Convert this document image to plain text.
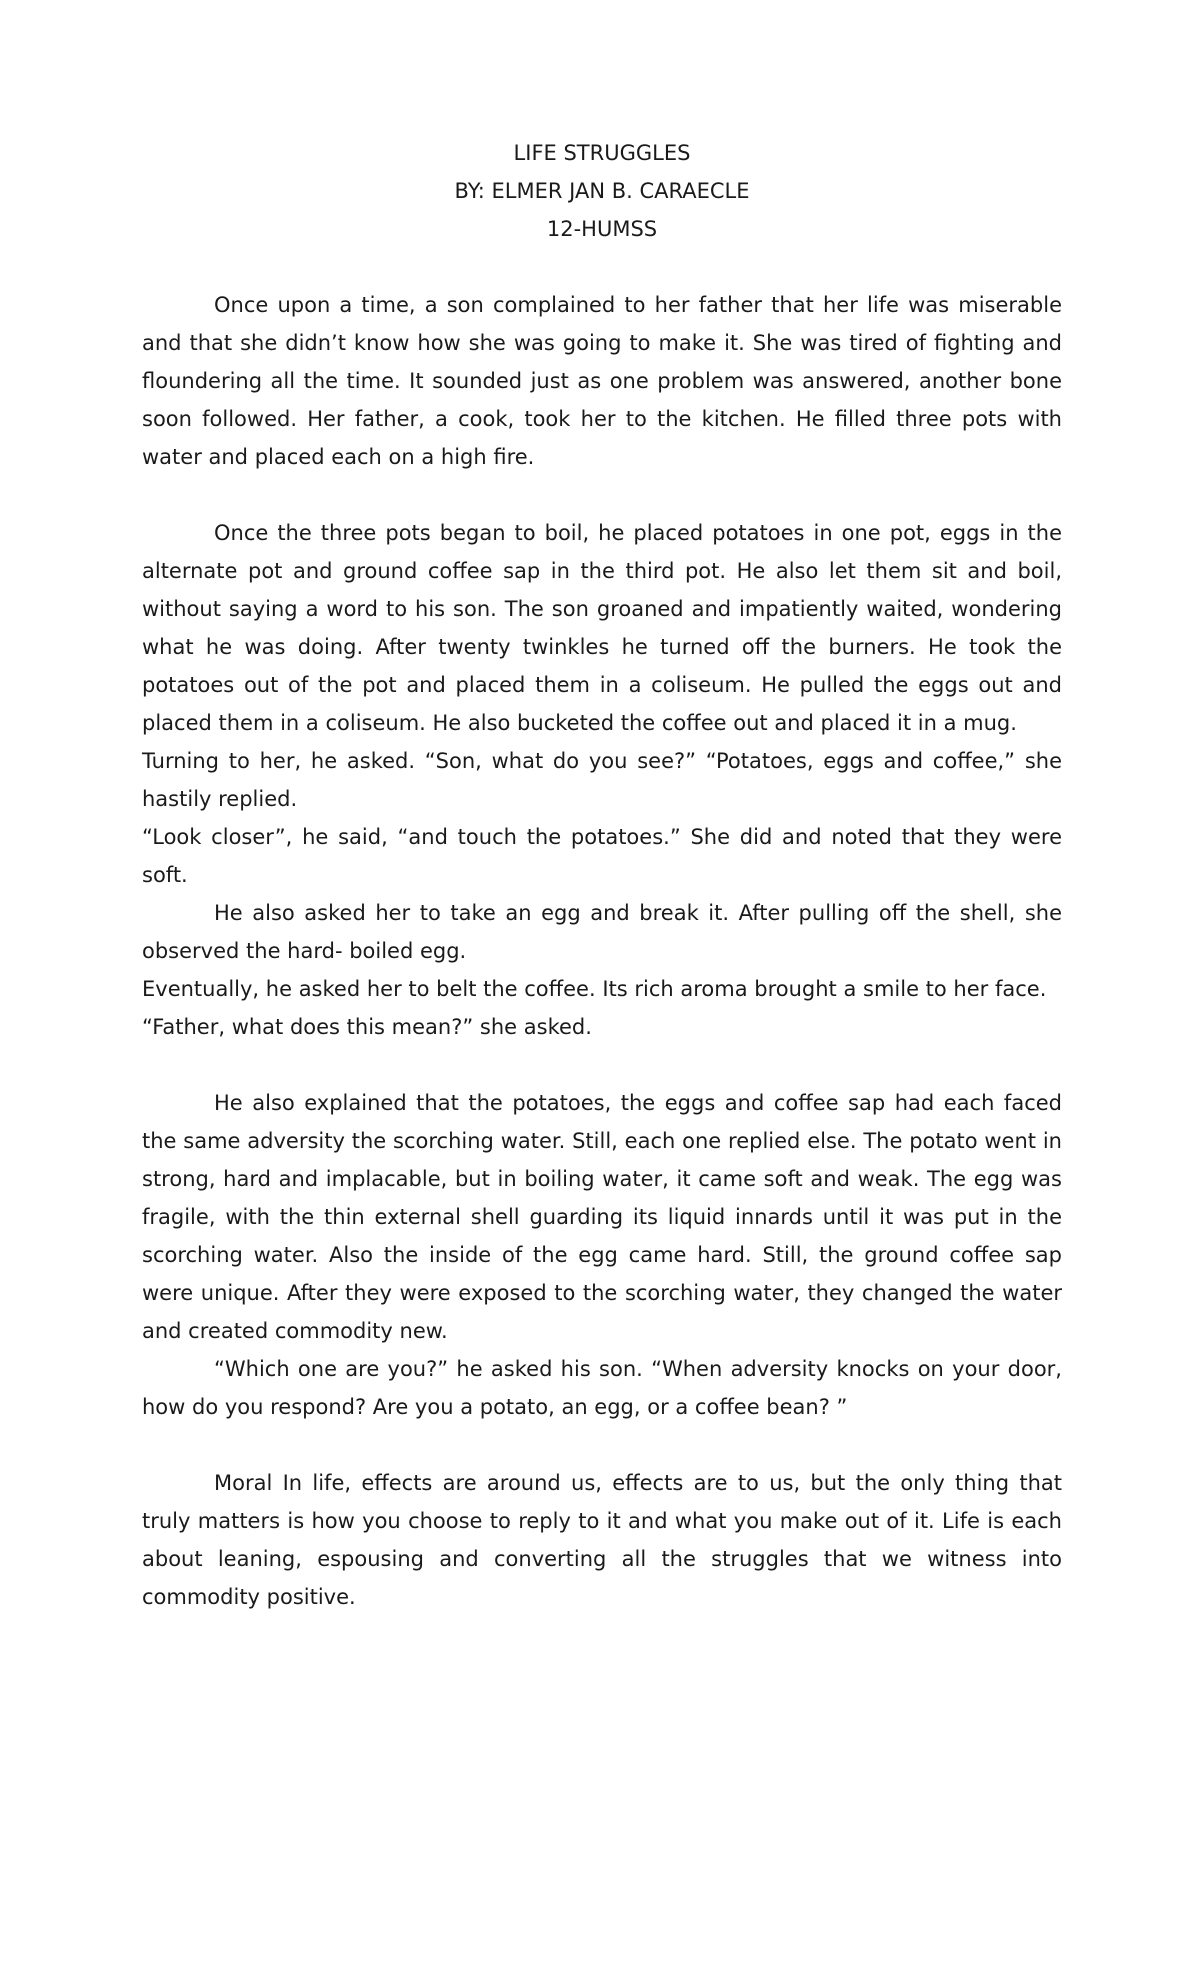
LIFE STRUGGLES
BY: ELMER JAN B. CARAECLE
12-HUMSS

Once upon a time, a son complained to her father that her life was miserable and that she didn’t know how she was going to make it. She was tired of fighting and floundering all the time. It sounded just as one problem was answered, another bone soon followed. Her father, a cook, took her to the kitchen. He filled three pots with water and placed each on a high fire.

Once the three pots began to boil, he placed potatoes in one pot, eggs in the alternate pot and ground coffee sap in the third pot. He also let them sit and boil, without saying a word to his son. The son groaned and impatiently waited, wondering what he was doing. After twenty twinkles he turned off the burners. He took the potatoes out of the pot and placed them in a coliseum. He pulled the eggs out and placed them in a coliseum. He also bucketed the coffee out and placed it in a mug.

Turning to her, he asked. “Son, what do you see?” “Potatoes, eggs and coffee,” she hastily replied.

“Look closer”, he said, “and touch the potatoes.” She did and noted that they were soft.

He also asked her to take an egg and break it. After pulling off the shell, she observed the hard- boiled egg.

Eventually, he asked her to belt the coffee. Its rich aroma brought a smile to her face.

“Father, what does this mean?” she asked.

He also explained that the potatoes, the eggs and coffee sap had each faced the same adversity the scorching water. Still, each one replied else. The potato went in strong, hard and implacable, but in boiling water, it came soft and weak. The egg was fragile, with the thin external shell guarding its liquid innards until it was put in the scorching water. Also the inside of the egg came hard. Still, the ground coffee sap were unique. After they were exposed to the scorching water, they changed the water and created commodity new.

“Which one are you?” he asked his son. “When adversity knocks on your door, how do you respond? Are you a potato, an egg, or a coffee bean? ”

Moral In life, effects are around us, effects are to us, but the only thing that truly matters is how you choose to reply to it and what you make out of it. Life is each about leaning, espousing and converting all the struggles that we witness into commodity positive.
